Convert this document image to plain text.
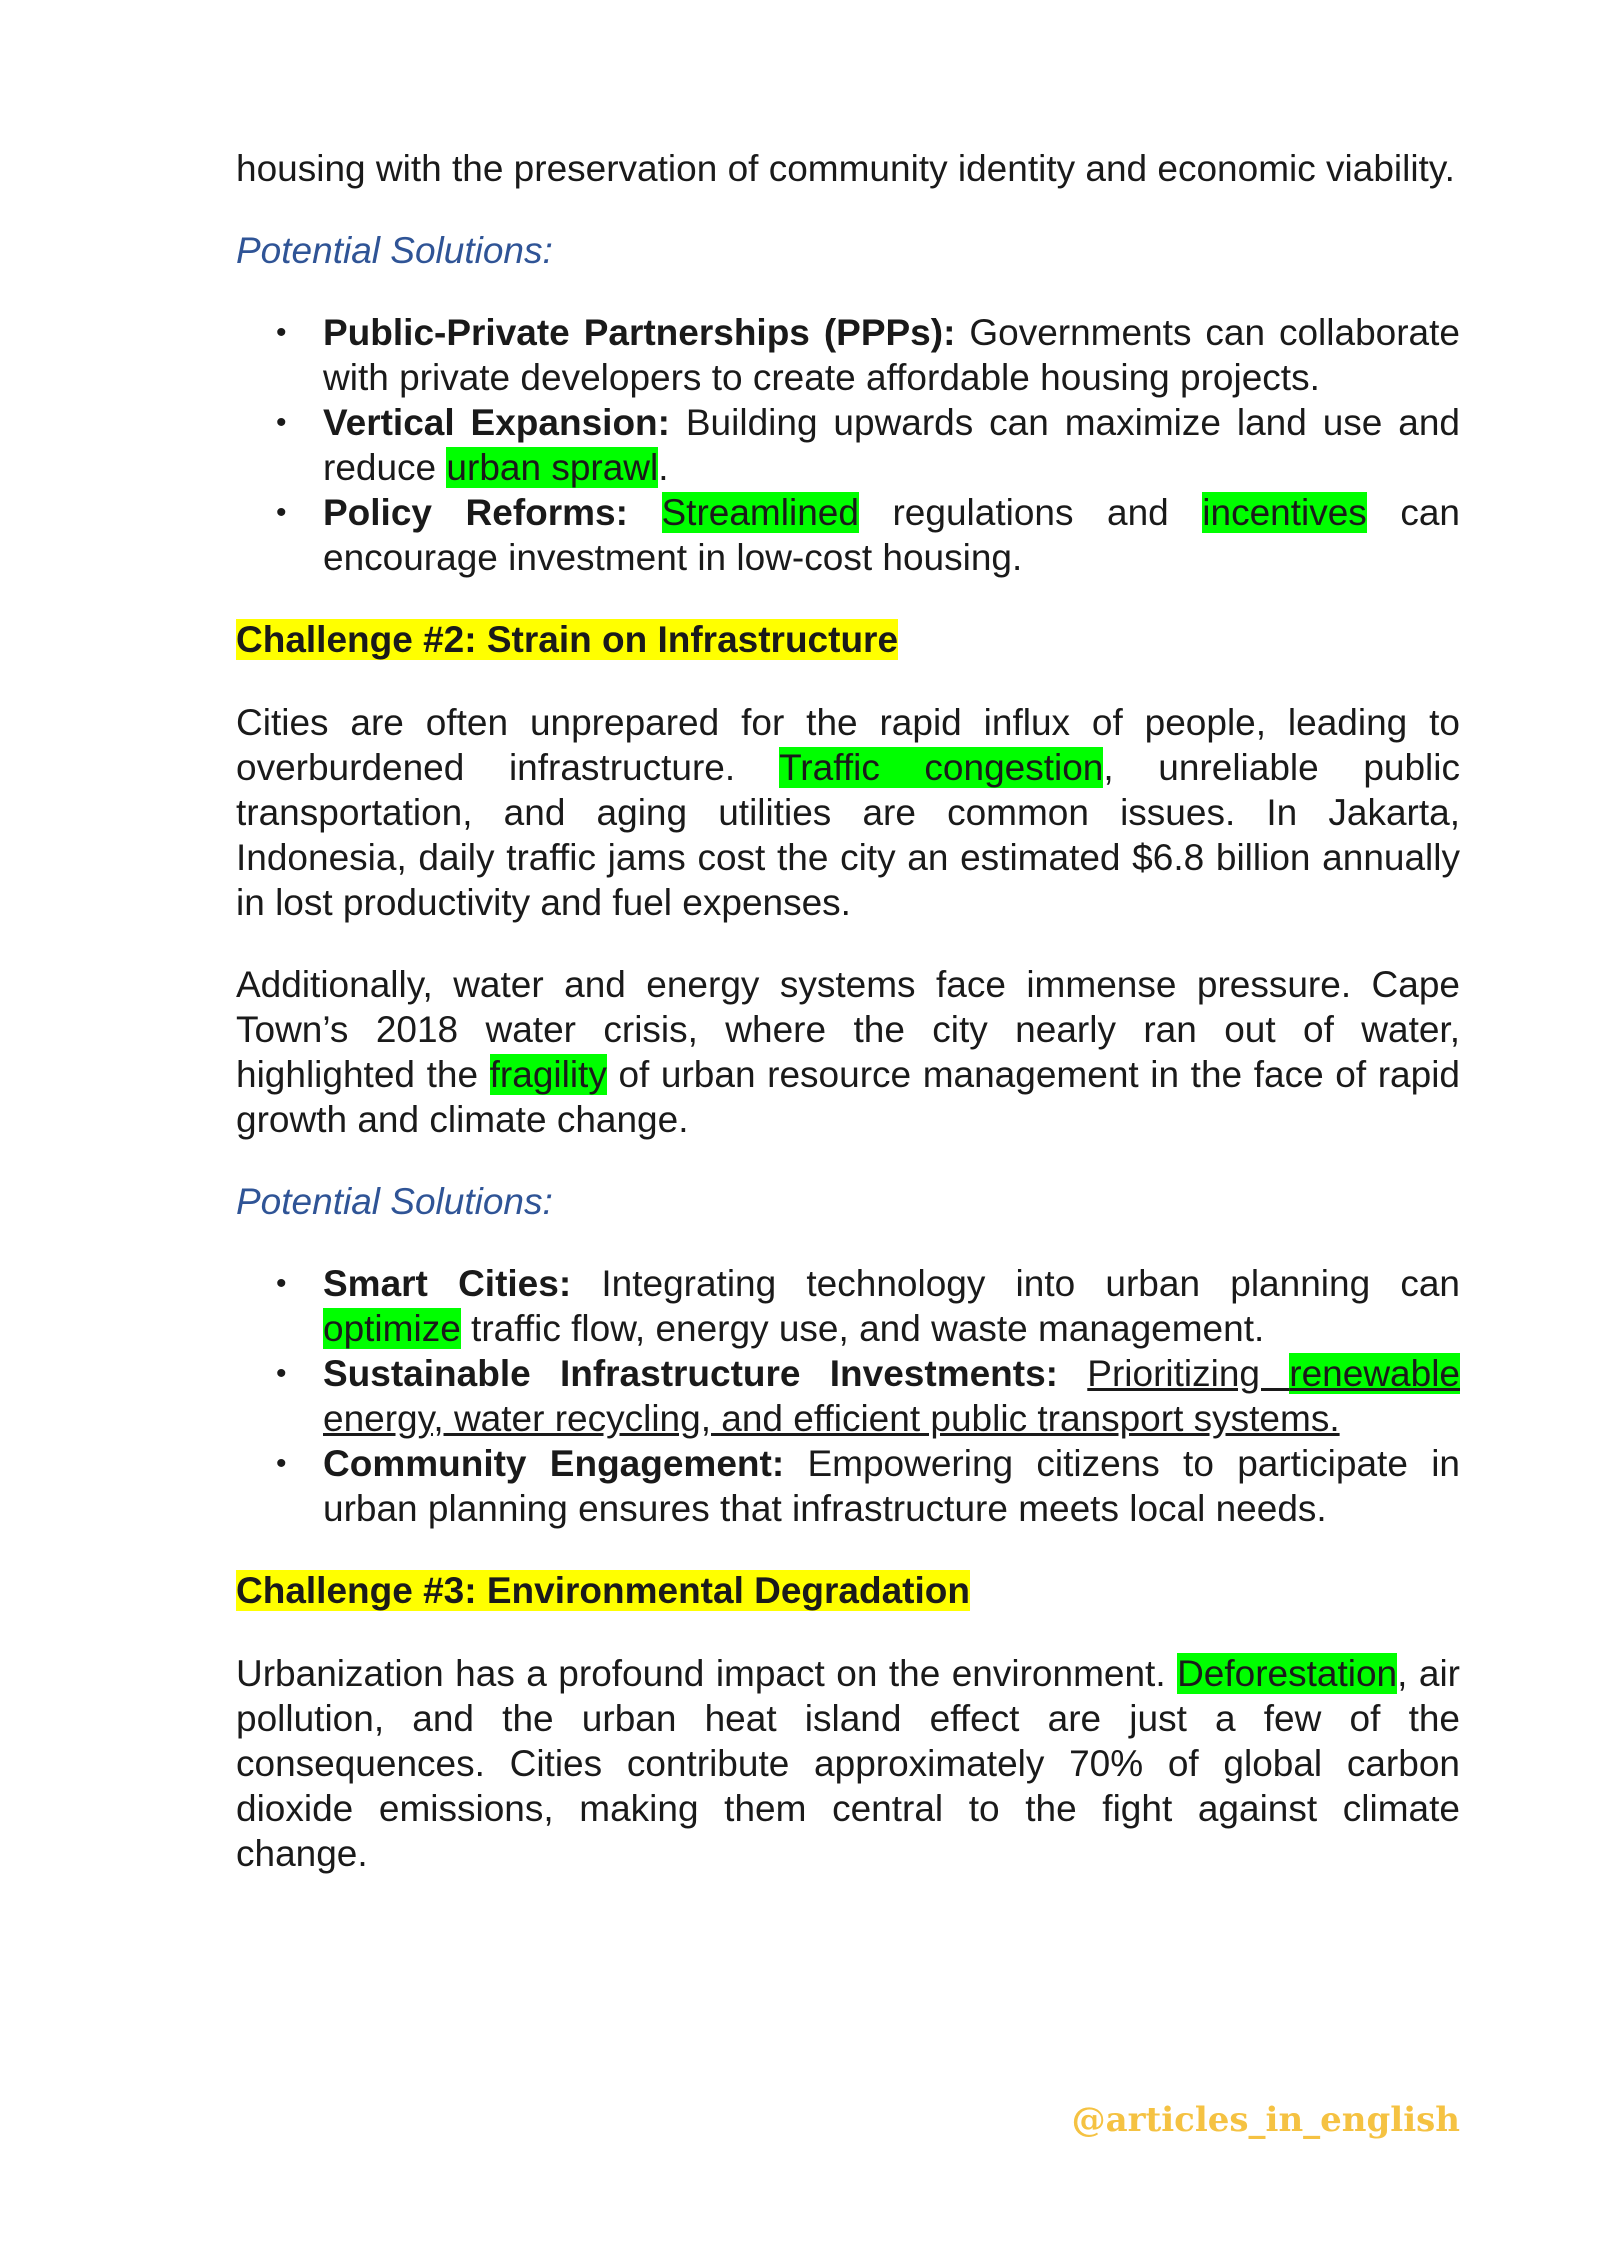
housing with the preservation of community identity and economic viability.

Potential Solutions:

• Public-Private Partnerships (PPPs): Governments can collaborate with private developers to create affordable housing projects.
• Vertical Expansion: Building upwards can maximize land use and reduce urban sprawl.
• Policy Reforms: Streamlined regulations and incentives can encourage investment in low-cost housing.

Challenge #2: Strain on Infrastructure

Cities are often unprepared for the rapid influx of people, leading to overburdened infrastructure. Traffic congestion, unreliable public transportation, and aging utilities are common issues. In Jakarta, Indonesia, daily traffic jams cost the city an estimated $6.8 billion annually in lost productivity and fuel expenses.

Additionally, water and energy systems face immense pressure. Cape Town’s 2018 water crisis, where the city nearly ran out of water, highlighted the fragility of urban resource management in the face of rapid growth and climate change.

Potential Solutions:

• Smart Cities: Integrating technology into urban planning can optimize traffic flow, energy use, and waste management.
• Sustainable Infrastructure Investments: Prioritizing renewable energy, water recycling, and efficient public transport systems.
• Community Engagement: Empowering citizens to participate in urban planning ensures that infrastructure meets local needs.

Challenge #3: Environmental Degradation

Urbanization has a profound impact on the environment. Deforestation, air pollution, and the urban heat island effect are just a few of the consequences. Cities contribute approximately 70% of global carbon dioxide emissions, making them central to the fight against climate change.

@articles_in_english
